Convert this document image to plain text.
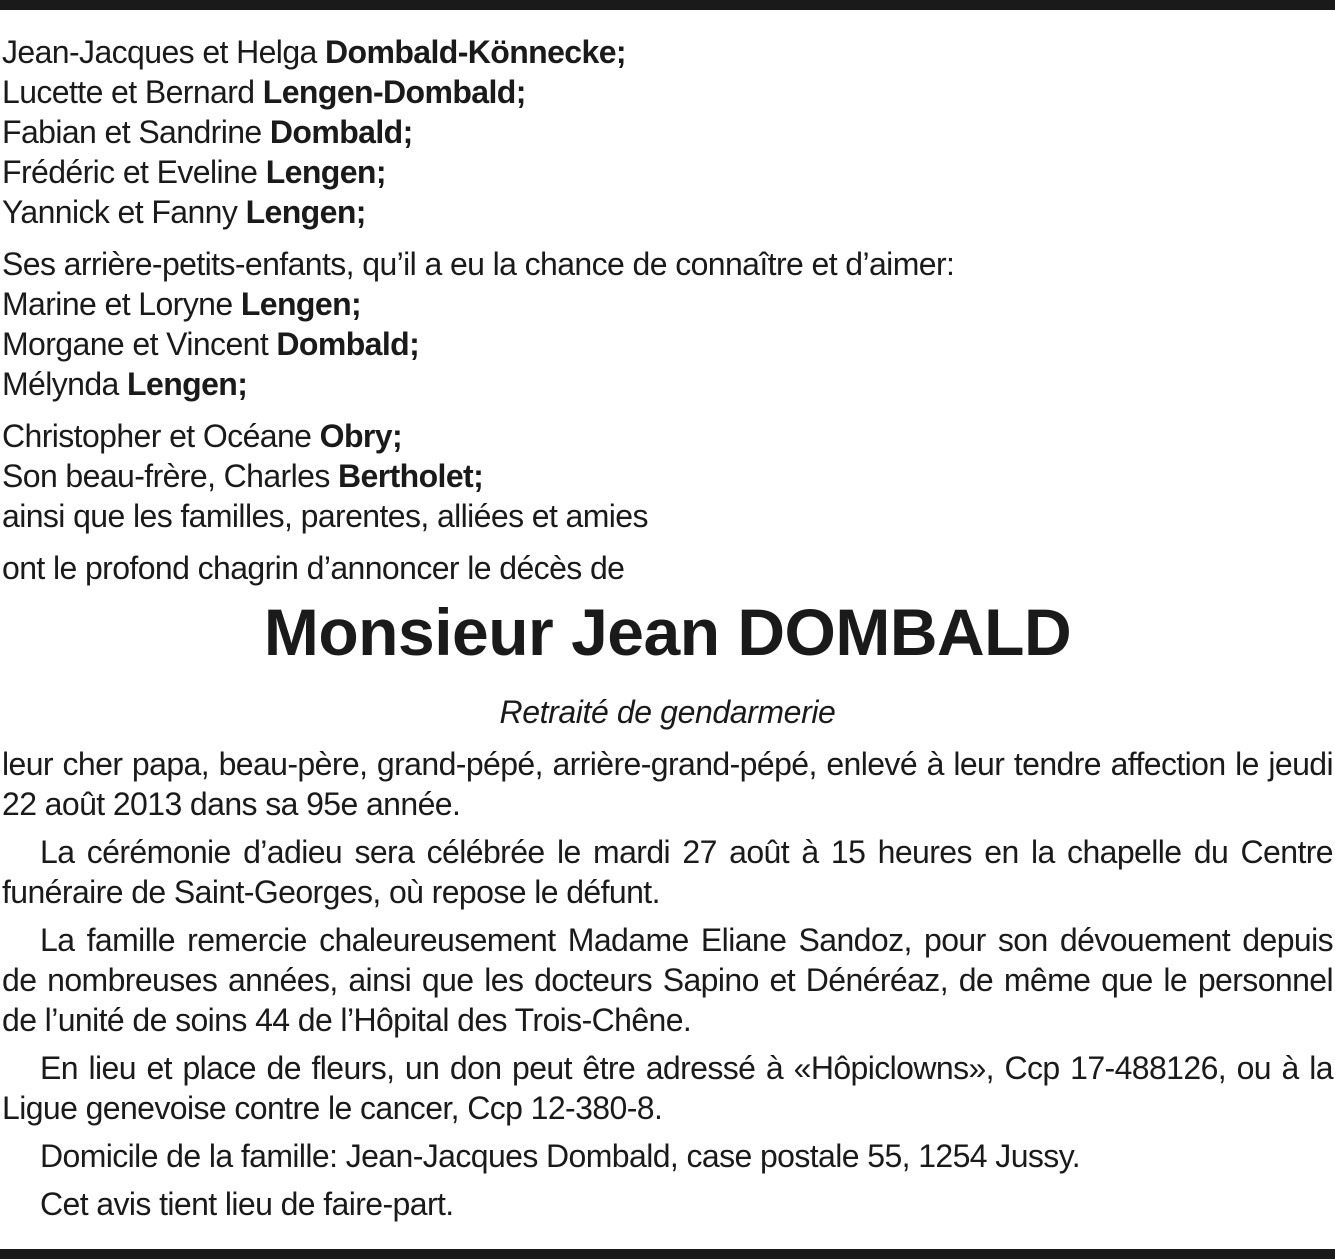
Jean-Jacques et Helga Dombald-Könnecke;
Lucette et Bernard Lengen-Dombald;
Fabian et Sandrine Dombald;
Frédéric et Eveline Lengen;
Yannick et Fanny Lengen;
Ses arrière-petits-enfants, qu’il a eu la chance de connaître et d’aimer:
Marine et Loryne Lengen;
Morgane et Vincent Dombald;
Mélynda Lengen;
Christopher et Océane Obry;
Son beau-frère, Charles Bertholet;
ainsi que les familles, parentes, alliées et amies
ont le profond chagrin d’annoncer le décès de
Monsieur Jean DOMBALD
Retraité de gendarmerie

leur cher papa, beau-père, grand-pépé, arrière-grand-pépé, enlevé à leur tendre affection le jeudi 22 août 2013 dans sa 95e année.

La cérémonie d’adieu sera célébrée le mardi 27 août à 15 heures en la chapelle du Centre funéraire de Saint-Georges, où repose le défunt.

La famille remercie chaleureusement Madame Eliane Sandoz, pour son dévouement depuis de nombreuses années, ainsi que les docteurs Sapino et Dénéréaz, de même que le personnel de l’unité de soins 44 de l’Hôpital des Trois-Chêne.

En lieu et place de fleurs, un don peut être adressé à «Hôpiclowns», Ccp 17-488126, ou à la Ligue genevoise contre le cancer, Ccp 12-380-8.

Domicile de la famille: Jean-Jacques Dombald, case postale 55, 1254 Jussy.

Cet avis tient lieu de faire-part.
